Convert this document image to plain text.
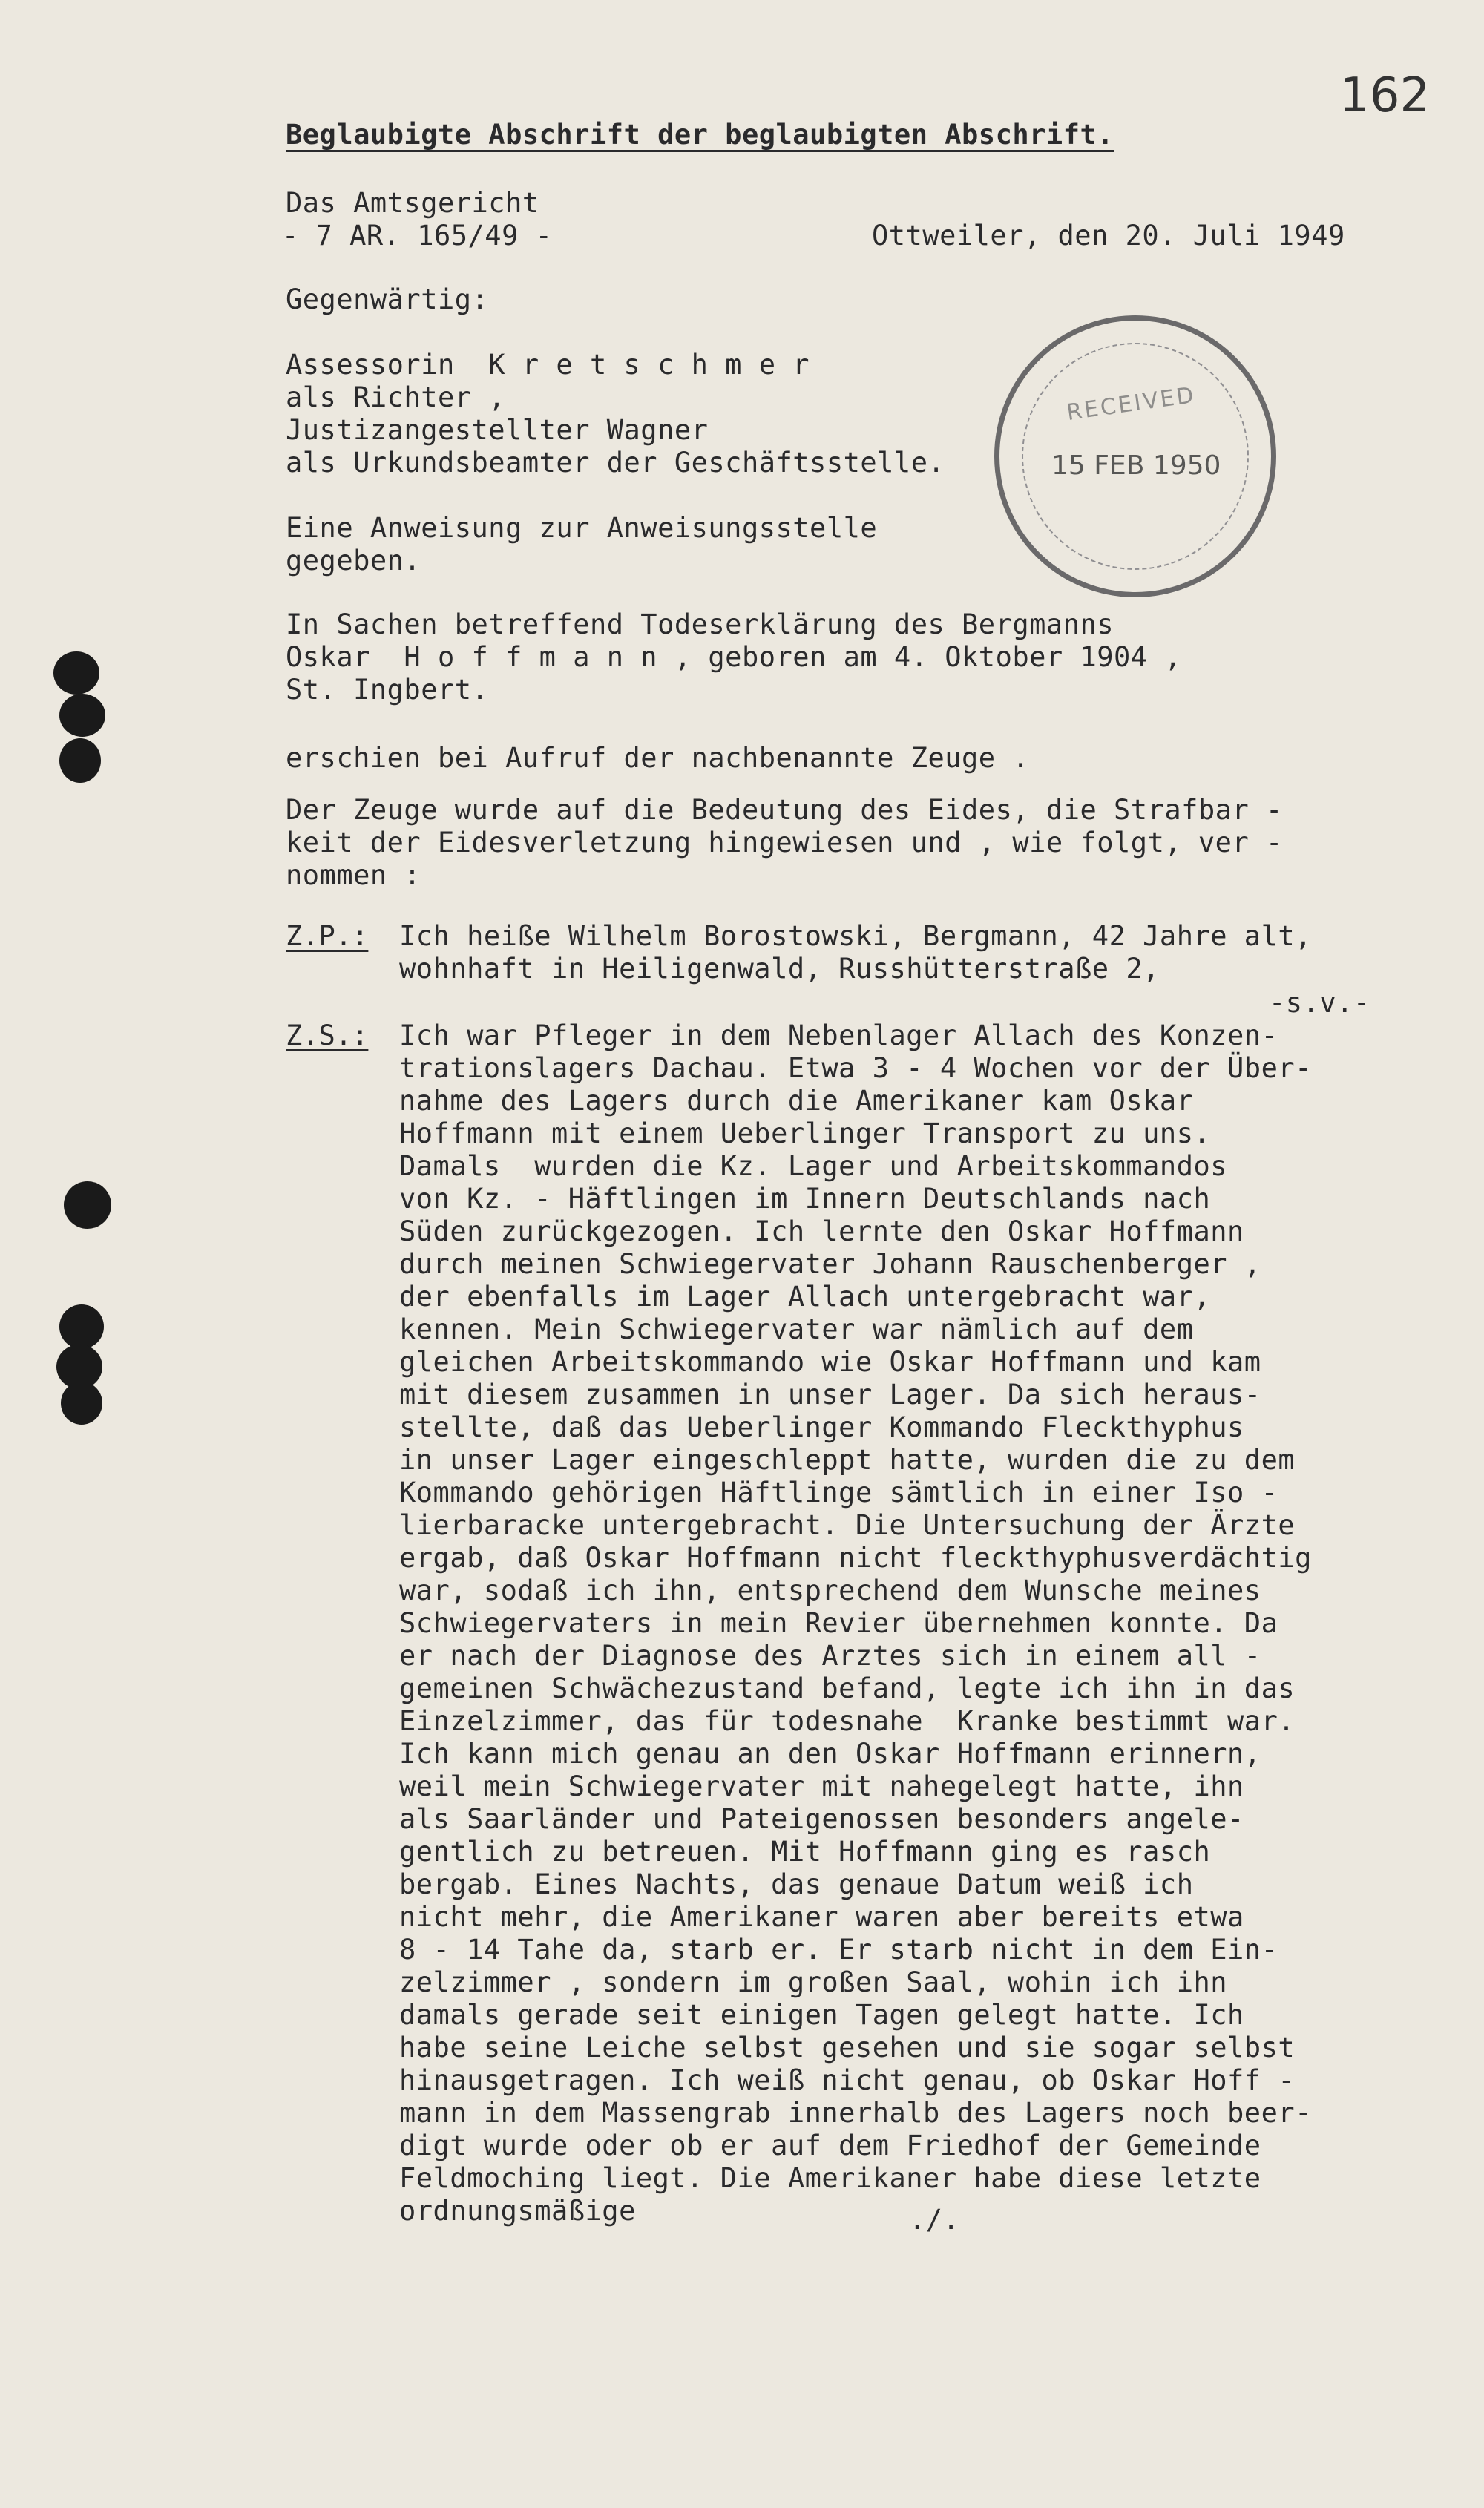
162
Beglaubigte Abschrift der beglaubigten Abschrift.
Das Amtsgericht
- 7 AR. 165/49 -	Ottweiler, den 20. Juli 1949
Gegenwärtig:
Assessorin  K r e t s c h m e r
als Richter ,
Justizangestellter Wagner
als Urkundsbeamter der Geschäftsstelle.
Eine Anweisung zur Anweisungsstelle
gegeben.
In Sachen betreffend Todeserklärung des Bergmanns
Oskar  H o f f m a n n , geboren am 4. Oktober 1904 ,
St. Ingbert.
erschien bei Aufruf der nachbenannte Zeuge .
Der Zeuge wurde auf die Bedeutung des Eides, die Strafbar -
keit der Eidesverletzung hingewiesen und , wie folgt, ver -
nommen :
Z.P.: Ich heiße Wilhelm Borostowski, Bergmann, 42 Jahre alt,
wohnhaft in Heiligenwald, Russhütterstraße 2,
-s.v.-
Z.S.: Ich war Pfleger in dem Nebenlager Allach des Konzen-
trationslagers Dachau. Etwa 3 - 4 Wochen vor der Über-
nahme des Lagers durch die Amerikaner kam Oskar
Hoffmann mit einem Ueberlinger Transport zu uns.
Damals  wurden die Kz. Lager und Arbeitskommandos
von Kz. - Häftlingen im Innern Deutschlands nach
Süden zurückgezogen. Ich lernte den Oskar Hoffmann
durch meinen Schwiegervater Johann Rauschenberger ,
der ebenfalls im Lager Allach untergebracht war,
kennen. Mein Schwiegervater war nämlich auf dem
gleichen Arbeitskommando wie Oskar Hoffmann und kam
mit diesem zusammen in unser Lager. Da sich heraus-
stellte, daß das Ueberlinger Kommando Fleckthyphus
in unser Lager eingeschleppt hatte, wurden die zu dem
Kommando gehörigen Häftlinge sämtlich in einer Iso -
lierbaracke untergebracht. Die Untersuchung der Ärzte
ergab, daß Oskar Hoffmann nicht fleckthyphusverdächtig
war, sodaß ich ihn, entsprechend dem Wunsche meines
Schwiegervaters in mein Revier übernehmen konnte. Da
er nach der Diagnose des Arztes sich in einem all -
gemeinen Schwächezustand befand, legte ich ihn in das
Einzelzimmer, das für todesnahe  Kranke bestimmt war.
Ich kann mich genau an den Oskar Hoffmann erinnern,
weil mein Schwiegervater mit nahegelegt hatte, ihn
als Saarländer und Pateigenossen besonders angele-
gentlich zu betreuen. Mit Hoffmann ging es rasch
bergab. Eines Nachts, das genaue Datum weiß ich
nicht mehr, die Amerikaner waren aber bereits etwa
8 - 14 Tahe da, starb er. Er starb nicht in dem Ein-
zelzimmer , sondern im großen Saal, wohin ich ihn
damals gerade seit einigen Tagen gelegt hatte. Ich
habe seine Leiche selbst gesehen und sie sogar selbst
hinausgetragen. Ich weiß nicht genau, ob Oskar Hoff -
mann in dem Massengrab innerhalb des Lagers noch beer-
digt wurde oder ob er auf dem Friedhof der Gemeinde
Feldmoching liegt. Die Amerikaner habe diese letzte
ordnungsmäßige	./.
RECEIVED
15 FEB 1950
